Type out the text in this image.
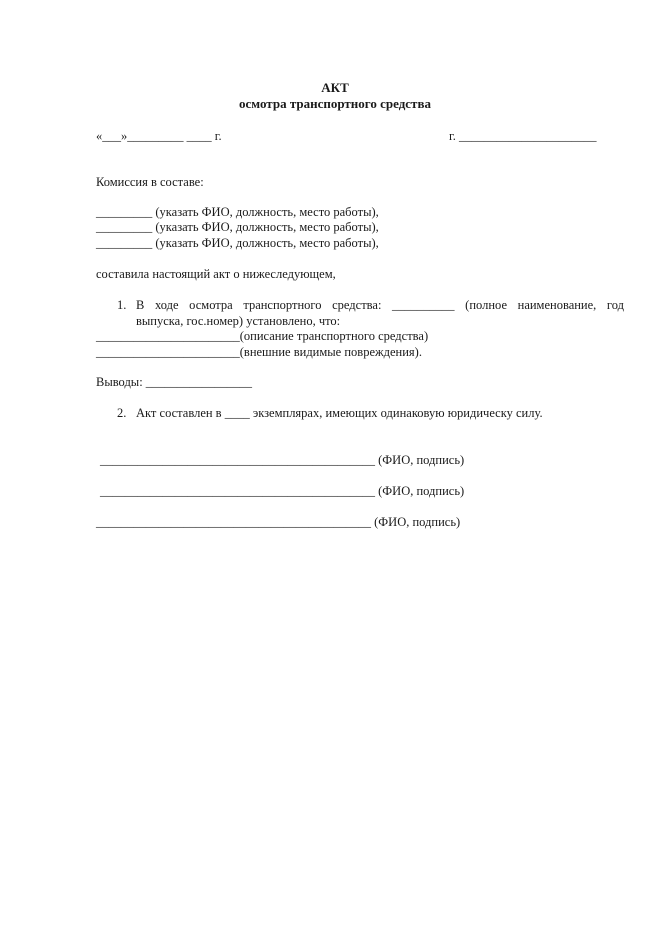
АКТ
осмотра транспортного средства
«___»_________ ____ г.	г. ______________________
Комиссия в составе:
_________ (указать ФИО, должность, место работы),
_________ (указать ФИО, должность, место работы),
_________ (указать ФИО, должность, место работы),
составила настоящий акт о нижеследующем,
1. В ходе осмотра транспортного средства: __________ (полное наименование, год
выпуска, гос.номер) установлено, что:
_______________________(описание транспортного средства)
_______________________(внешние видимые повреждения).
Выводы: _________________
2. Акт составлен в ____ экземплярах, имеющих одинаковую юридическу силу.
____________________________________________ (ФИО, подпись)
____________________________________________ (ФИО, подпись)
____________________________________________ (ФИО, подпись)
